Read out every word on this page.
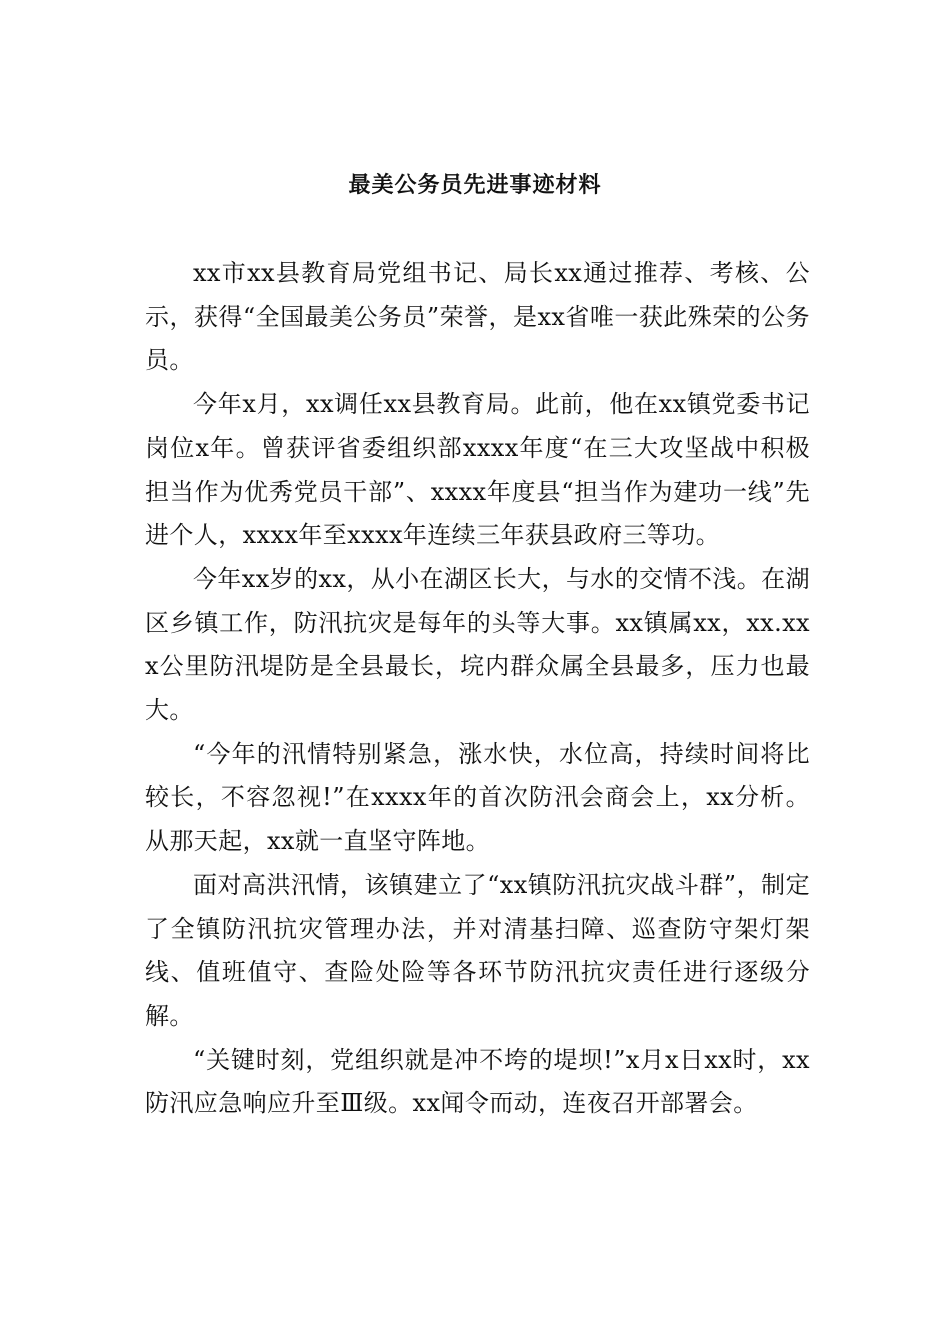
最美公务员先进事迹材料

xx市xx县教育局党组书记、局长xx通过推荐、考核、公示，获得“全国最美公务员”荣誉，是xx省唯一获此殊荣的公务员。

今年x月，xx调任xx县教育局。此前，他在xx镇党委书记岗位x年。曾获评省委组织部xxxx年度“在三大攻坚战中积极担当作为优秀党员干部”、xxxx年度县“担当作为建功一线”先进个人，xxxx年至xxxx年连续三年获县政府三等功。

今年xx岁的xx，从小在湖区长大，与水的交情不浅。在湖区乡镇工作，防汛抗灾是每年的头等大事。xx镇属xx，xx.xxx公里防汛堤防是全县最长，垸内群众属全县最多，压力也最大。

“今年的汛情特别紧急，涨水快，水位高，持续时间将比较长，不容忽视!”在xxxx年的首次防汛会商会上，xx分析。从那天起，xx就一直坚守阵地。

面对高洪汛情，该镇建立了“xx镇防汛抗灾战斗群”，制定了全镇防汛抗灾管理办法，并对清基扫障、巡查防守架灯架线、值班值守、查险处险等各环节防汛抗灾责任进行逐级分解。

“关键时刻，党组织就是冲不垮的堤坝!”x月x日xx时，xx防汛应急响应升至Ⅲ级。xx闻令而动，连夜召开部署会。
